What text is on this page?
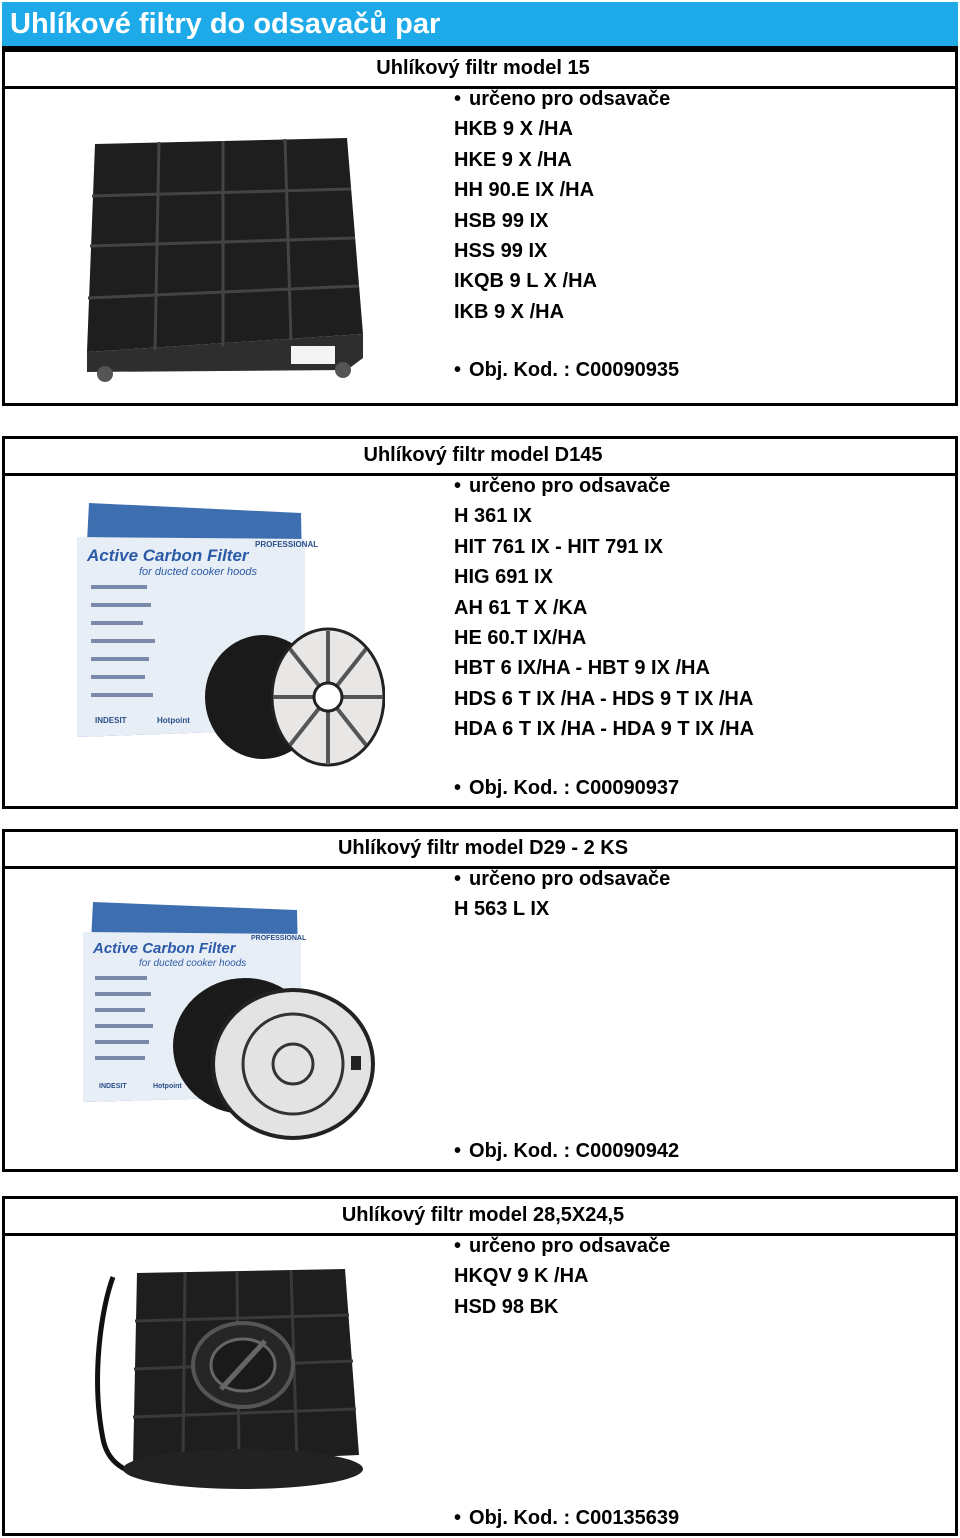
Uhlíkové filtry do odsavačů par
Uhlíkový filtr model 15
• určeno pro odsavače
HKB 9 X /HA
HKE 9 X /HA
HH 90.E IX /HA
HSB 99 IX
HSS 99 IX
IKQB 9 L X /HA
IKB 9 X /HA
• Obj. Kod. : C00090935
Uhlíkový filtr model D145
• určeno pro odsavače
H 361 IX
HIT 761 IX - HIT 791 IX
HIG 691 IX
AH 61 T X /KA
HE 60.T IX/HA
HBT 6 IX/HA - HBT 9 IX /HA
HDS 6 T IX /HA - HDS 9 T IX /HA
HDA 6 T IX /HA - HDA 9 T IX /HA
• Obj. Kod. : C00090937
PROFESSIONAL
Active Carbon Filter
for ducted cooker hoods
INDESIT	Hotpoint
Uhlíkový filtr model D29 - 2 KS
• určeno pro odsavače
H 563 L IX
• Obj. Kod. : C00090942
PROFESSIONAL
Active Carbon Filter
for ducted cooker hoods
INDESIT	Hotpoint
Uhlíkový filtr model 28,5X24,5
• určeno pro odsavače
HKQV 9 K /HA
HSD 98 BK
• Obj. Kod. : C00135639
